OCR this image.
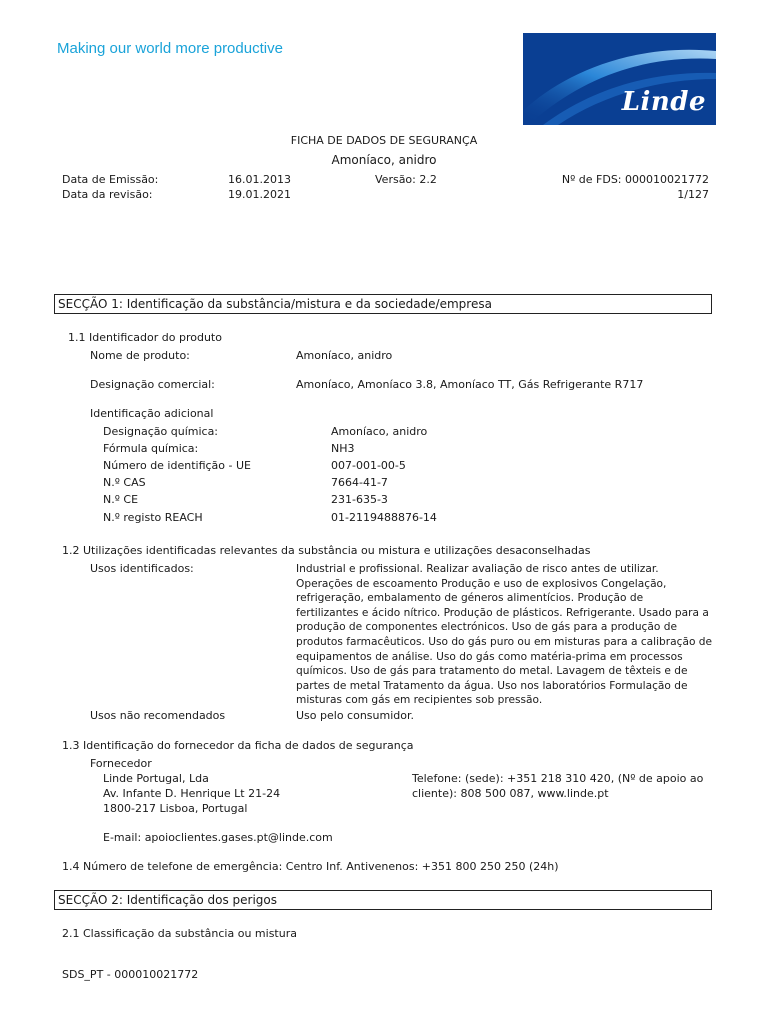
Making our world more productive
Linde
FICHA DE DADOS DE SEGURANÇA
Amoníaco, anidro
Data de Emissão:	16.01.2013	Versão: 2.2	Nº de FDS: 000010021772
Data da revisão:	19.01.2021	1/127
SECÇÃO 1: Identificação da substância/mistura e da sociedade/empresa
1.1 Identificador do produto
Nome de produto:	Amoníaco, anidro
Designação comercial:	Amoníaco, Amoníaco 3.8, Amoníaco TT, Gás Refrigerante R717
Identificação adicional
Designação química:	Amoníaco, anidro
Fórmula química:	NH3
Número de identifição - UE	007-001-00-5
N.º CAS	7664-41-7
N.º CE	231-635-3
N.º registo REACH	01-2119488876-14
1.2 Utilizações identificadas relevantes da substância ou mistura e utilizações desaconselhadas
Usos identificados:	Industrial e profissional. Realizar avaliação de risco antes de utilizar.
Operações de escoamento Produção e uso de explosivos Congelação,
refrigeração, embalamento de géneros alimentícios. Produção de
fertilizantes e ácido nítrico. Produção de plásticos. Refrigerante. Usado para a
produção de componentes electrónicos. Uso de gás para a produção de
produtos farmacêuticos. Uso do gás puro ou em misturas para a calibração de
equipamentos de análise. Uso do gás como matéria-prima em processos
químicos. Uso de gás para tratamento do metal. Lavagem de têxteis e de
partes de metal Tratamento da água. Uso nos laboratórios Formulação de
misturas com gás em recipientes sob pressão.
Usos não recomendados	Uso pelo consumidor.
1.3 Identificação do fornecedor da ficha de dados de segurança
Fornecedor
Linde Portugal, Lda
Av. Infante D. Henrique Lt 21-24
1800-217 Lisboa, Portugal
Telefone: (sede): +351 218 310 420, (Nº de apoio ao cliente): 808 500 087, www.linde.pt
E-mail: apoioclientes.gases.pt@linde.com
1.4 Número de telefone de emergência: Centro Inf. Antivenenos: +351 800 250 250 (24h)
SECÇÃO 2: Identificação dos perigos
2.1 Classificação da substância ou mistura
SDS_PT - 000010021772
